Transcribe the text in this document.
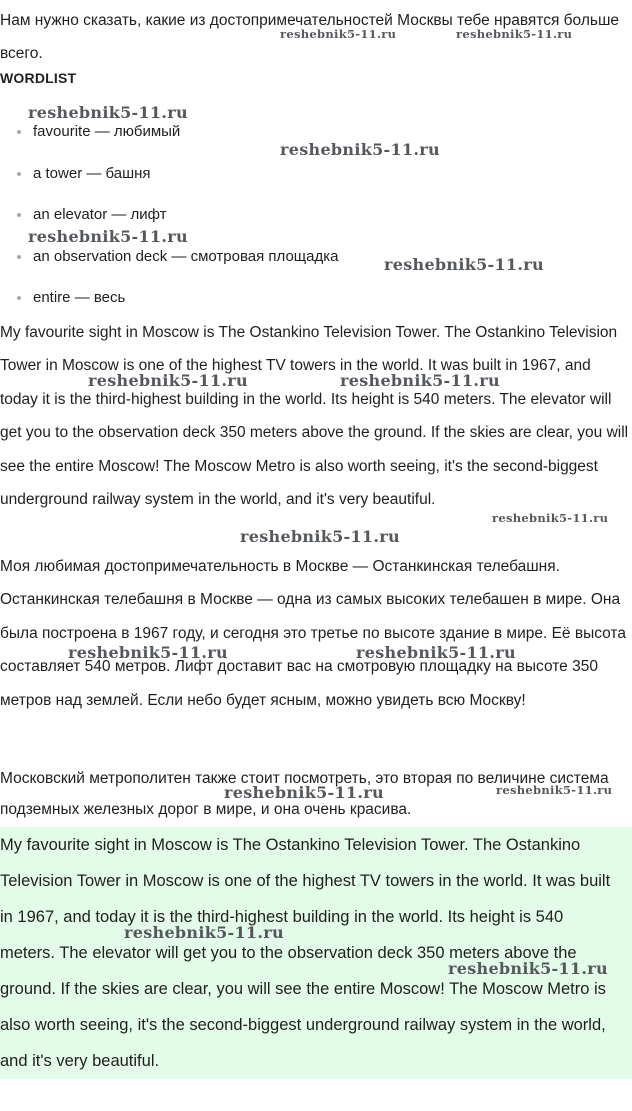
Нам нужно сказать, какие из достопримечательностей Москвы тебе нравятся больше всего.

WORDLIST
favourite — любимый
a tower — башня
an elevator — лифт
an observation deck — смотровая площадка
entire — весь

My favourite sight in Moscow is The Ostankino Television Tower. The Ostankino Television Tower in Moscow is one of the highest TV towers in the world. It was built in 1967, and today it is the third-highest building in the world. Its height is 540 meters. The elevator will get you to the observation deck 350 meters above the ground. If the skies are clear, you will see the entire Moscow! The Moscow Metro is also worth seeing, it's the second-biggest underground railway system in the world, and it's very beautiful.

Моя любимая достопримечательность в Москве — Останкинская телебашня. Останкинская телебашня в Москве — одна из самых высоких телебашен в мире. Она была построена в 1967 году, и сегодня это третье по высоте здание в мире. Её высота составляет 540 метров. Лифт доставит вас на смотровую площадку на высоте 350 метров над землей. Если небо будет ясным, можно увидеть всю Москву!

Московский метрополитен также стоит посмотреть, это вторая по величине система подземных железных дорог в мире, и она очень красива.

My favourite sight in Moscow is The Ostankino Television Tower. The Ostankino Television Tower in Moscow is one of the highest TV towers in the world. It was built in 1967, and today it is the third-highest building in the world. Its height is 540 meters. The elevator will get you to the observation deck 350 meters above the ground. If the skies are clear, you will see the entire Moscow! The Moscow Metro is also worth seeing, it's the second-biggest underground railway system in the world, and it's very beautiful.

reshebnik5-11.ru	reshebnik5-11.ru
reshebnik5-11.ru
reshebnik5-11.ru
reshebnik5-11.ru
reshebnik5-11.ru
reshebnik5-11.ru	reshebnik5-11.ru
reshebnik5-11.ru
reshebnik5-11.ru
reshebnik5-11.ru	reshebnik5-11.ru
reshebnik5-11.ru	reshebnik5-11.ru
reshebnik5-11.ru
reshebnik5-11.ru
